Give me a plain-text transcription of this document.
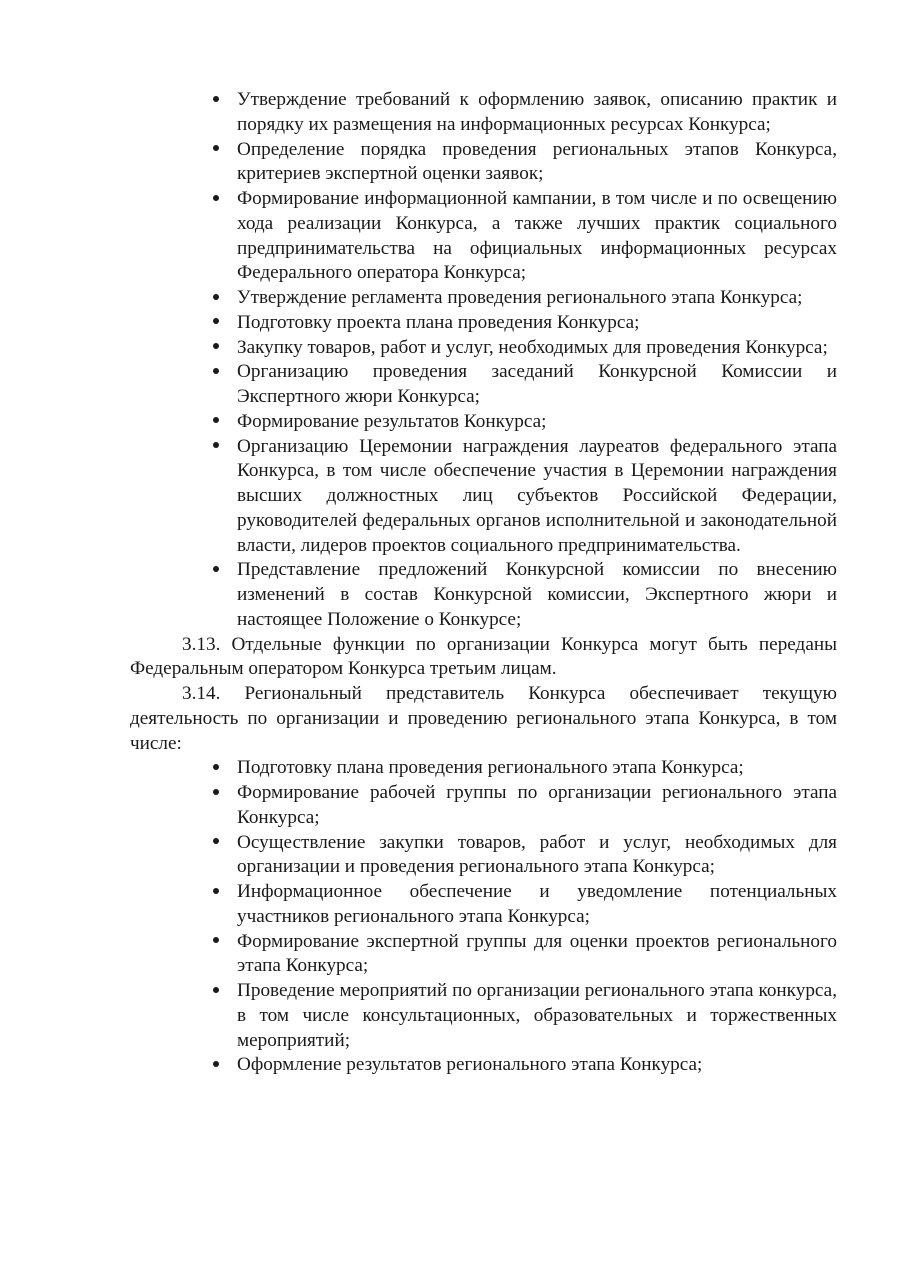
Утверждение требований к оформлению заявок, описанию практик и порядку их размещения на информационных ресурсах Конкурса;
Определение порядка проведения региональных этапов Конкурса, критериев экспертной оценки заявок;
Формирование информационной кампании, в том числе и по освещению хода реализации Конкурса, а также лучших практик социального предпринимательства на официальных информационных ресурсах Федерального оператора Конкурса;
Утверждение регламента проведения регионального этапа Конкурса;
Подготовку проекта плана проведения Конкурса;
Закупку товаров, работ и услуг, необходимых для проведения Конкурса;
Организацию проведения заседаний Конкурсной Комиссии и Экспертного жюри Конкурса;
Формирование результатов Конкурса;
Организацию Церемонии награждения лауреатов федерального этапа Конкурса, в том числе обеспечение участия в Церемонии награждения высших должностных лиц субъектов Российской Федерации, руководителей федеральных органов исполнительной и законодательной власти, лидеров проектов социального предпринимательства.
Представление предложений Конкурсной комиссии по внесению изменений в состав Конкурсной комиссии, Экспертного жюри и настоящее Положение о Конкурсе;

3.13. Отдельные функции по организации Конкурса могут быть переданы Федеральным оператором Конкурса третьим лицам.

3.14. Региональный представитель Конкурса обеспечивает текущую деятельность по организации и проведению регионального этапа Конкурса, в том числе:

Подготовку плана проведения регионального этапа Конкурса;
Формирование рабочей группы по организации регионального этапа Конкурса;
Осуществление закупки товаров, работ и услуг, необходимых для организации и проведения регионального этапа Конкурса;
Информационное обеспечение и уведомление потенциальных участников регионального этапа Конкурса;
Формирование экспертной группы для оценки проектов регионального этапа Конкурса;
Проведение мероприятий по организации регионального этапа конкурса, в том числе консультационных, образовательных и торжественных мероприятий;
Оформление результатов регионального этапа Конкурса;
